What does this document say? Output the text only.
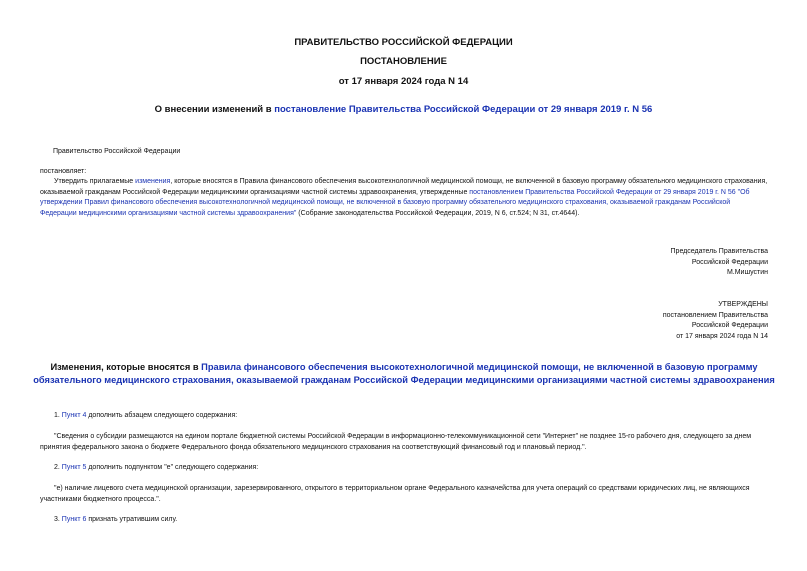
ПРАВИТЕЛЬСТВО РОССИЙСКОЙ ФЕДЕРАЦИИ
ПОСТАНОВЛЕНИЕ
от 17 января 2024 года N 14
О внесении изменений в постановление Правительства Российской Федерации от 29 января 2019 г. N 56
Правительство Российской Федерации
постановляет:
Утвердить прилагаемые изменения, которые вносятся в Правила финансового обеспечения высокотехнологичной медицинской помощи, не включенной в базовую программу обязательного медицинского страхования, оказываемой гражданам Российской Федерации медицинскими организациями частной системы здравоохранения, утвержденные постановлением Правительства Российской Федерации от 29 января 2019 г. N 56 "Об утверждении Правил финансового обеспечения высокотехнологичной медицинской помощи, не включенной в базовую программу обязательного медицинского страхования, оказываемой гражданам Российской Федерации медицинскими организациями частной системы здравоохранения" (Собрание законодательства Российской Федерации, 2019, N 6, ст.524; N 31, ст.4644).
Председатель Правительства
Российской Федерации
М.Мишустин
УТВЕРЖДЕНЫ
постановлением Правительства
Российской Федерации
от 17 января 2024 года N 14
Изменения, которые вносятся в Правила финансового обеспечения высокотехнологичной медицинской помощи, не включенной в базовую программу обязательного медицинского страхования, оказываемой гражданам Российской Федерации медицинскими организациями частной системы здравоохранения
1. Пункт 4 дополнить абзацем следующего содержания:
"Сведения о субсидии размещаются на едином портале бюджетной системы Российской Федерации в информационно-телекоммуникационной сети "Интернет" не позднее 15-го рабочего дня, следующего за днем принятия федерального закона о бюджете Федерального фонда обязательного медицинского страхования на соответствующий финансовый год и плановый период.".
2. Пункт 5 дополнить подпунктом "е" следующего содержания:
"е) наличие лицевого счета медицинской организации, зарезервированного, открытого в территориальном органе Федерального казначейства для учета операций со средствами юридических лиц, не являющихся участниками бюджетного процесса.".
3. Пункт 6 признать утратившим силу.
